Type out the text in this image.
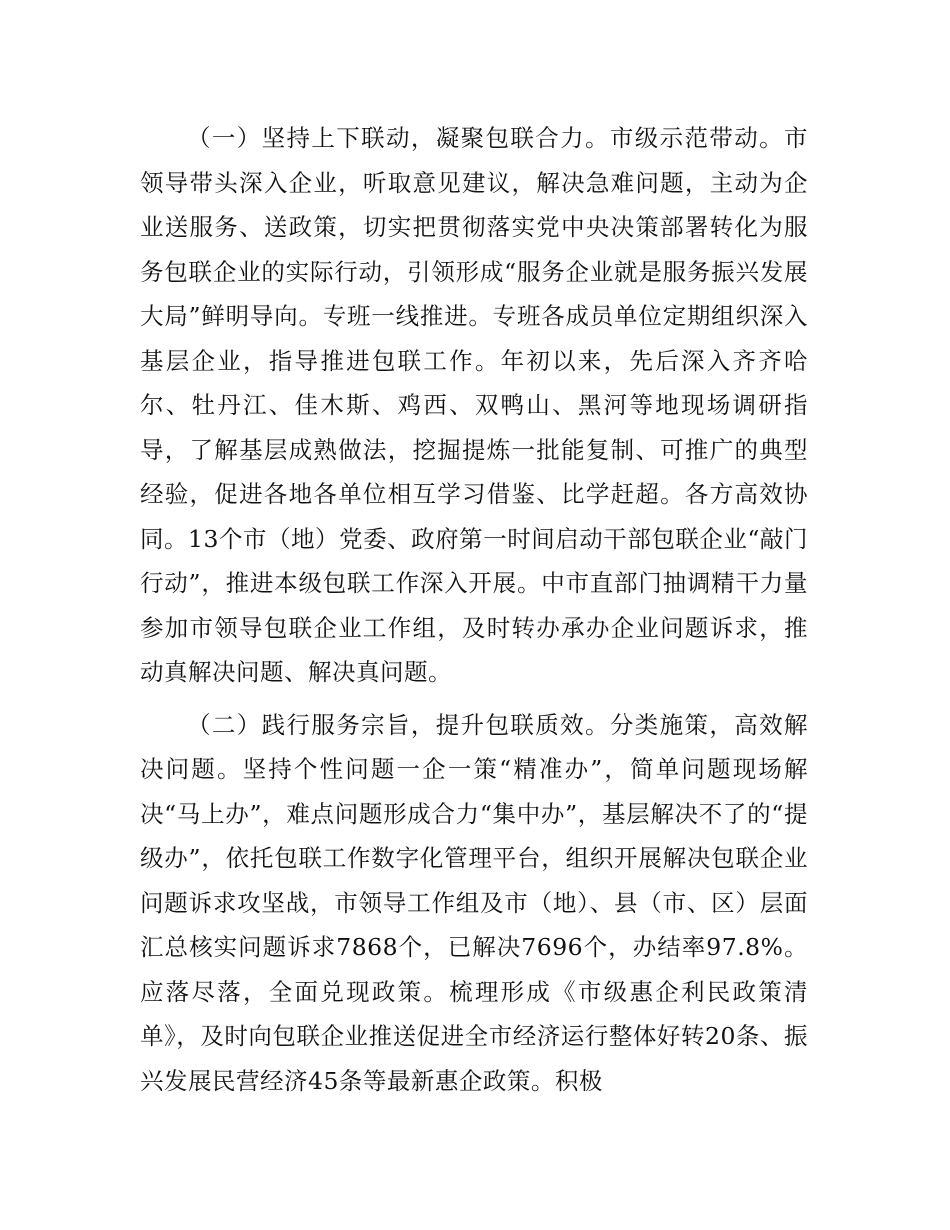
（一）坚持上下联动，凝聚包联合力。市级示范带动。市领导带头深入企业，听取意见建议，解决急难问题，主动为企业送服务、送政策，切实把贯彻落实党中央决策部署转化为服务包联企业的实际行动，引领形成“服务企业就是服务振兴发展大局”鲜明导向。专班一线推进。专班各成员单位定期组织深入基层企业，指导推进包联工作。年初以来，先后深入齐齐哈尔、牡丹江、佳木斯、鸡西、双鸭山、黑河等地现场调研指导，了解基层成熟做法，挖掘提炼一批能复制、可推广的典型经验，促进各地各单位相互学习借鉴、比学赶超。各方高效协同。13个市（地）党委、政府第一时间启动干部包联企业“敲门行动”，推进本级包联工作深入开展。中市直部门抽调精干力量参加市领导包联企业工作组，及时转办承办企业问题诉求，推动真解决问题、解决真问题。

（二）践行服务宗旨，提升包联质效。分类施策，高效解决问题。坚持个性问题一企一策“精准办”，简单问题现场解决“马上办”，难点问题形成合力“集中办”，基层解决不了的“提级办”，依托包联工作数字化管理平台，组织开展解决包联企业问题诉求攻坚战，市领导工作组及市（地）、县（市、区）层面汇总核实问题诉求7868个，已解决7696个，办结率97.8%。应落尽落，全面兑现政策。梳理形成《市级惠企利民政策清单》，及时向包联企业推送促进全市经济运行整体好转20条、振兴发展民营经济45条等最新惠企政策。积极
